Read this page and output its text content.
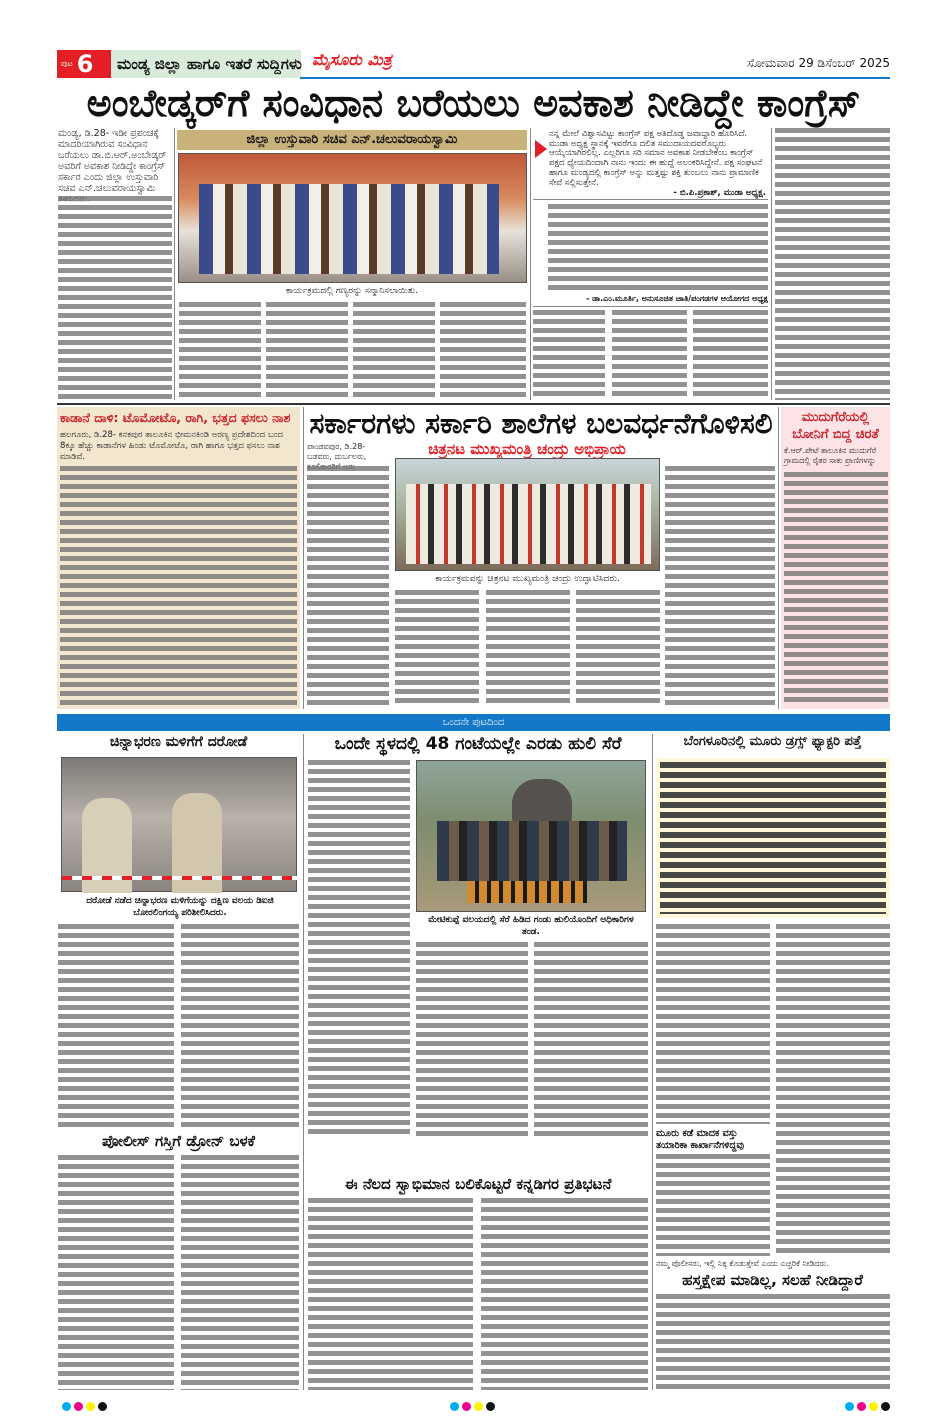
ಪುಟ 6	ಮಂಡ್ಯ ಜಿಲ್ಲಾ ಹಾಗೂ ಇತರೆ ಸುದ್ದಿಗಳು ಮೈಸೂರು ಮಿತ್ರ	ಸೋಮವಾರ 29 ಡಿಸೆಂಬರ್ 2025
ಅಂಬೇಡ್ಕರ್‌ಗೆ ಸಂವಿಧಾನ ಬರೆಯಲು ಅವಕಾಶ ನೀಡಿದ್ದೇ ಕಾಂಗ್ರೆಸ್
ಮಂಡ್ಯ, ಡಿ.28- ಇಡೀ ಪ್ರಪಂಚಕ್ಕೆ ಮಾದರಿಯಾಗಿರುವ ಸಂವಿಧಾನ ಬರೆಯಲು ಡಾ.ಬಿ.ಆರ್.ಅಂಬೇಡ್ಕರ್ ಅವರಿಗೆ ಅವಕಾಶ ನೀಡಿದ್ದೇ ಕಾಂಗ್ರೆಸ್ ಸರ್ಕಾರ ಎಂದು ಜಿಲ್ಲಾ ಉಸ್ತುವಾರಿ ಸಚಿವ ಎನ್.ಚಲುವರಾಯಸ್ವಾಮಿ
ಜಿಲ್ಲಾ ಉಸ್ತುವಾರಿ ಸಚಿವ ಎನ್.ಚಲುವರಾಯಸ್ವಾಮಿ
ಕಾರ್ಯಕ್ರಮದಲ್ಲಿ ಗಣ್ಯರನ್ನು ಸನ್ಮಾನಿಸಲಾಯಿತು.
ನನ್ನ ಮೇಲೆ ವಿಶ್ವಾಸವಿಟ್ಟು ಕಾಂಗ್ರೆಸ್ ಪಕ್ಷ ಅತಿದೊಡ್ಡ ಜವಾಬ್ದಾರಿ ಹೊರಿಸಿದೆ. ಮುಡಾ ಅಧ್ಯಕ್ಷ ಸ್ಥಾನಕ್ಕೆ ಇವರೆಗೂ ದಲಿತ ಸಮುದಾಯದವರೊಬ್ಬರು ಆಯ್ಕೆಯಾಗಿರಲಿಲ್ಲ. ಎಲ್ಲರಿಗೂ ಸರಿ ಸಮಾನ ಅವಕಾಶ ನೀಡಬೇಕೆಂಬ ಕಾಂಗ್ರೆಸ್ ಪಕ್ಷದ ಧ್ಯೇಯದಿಂದಾಗಿ ನಾನು ಇಂದು ಈ ಹುದ್ದೆ ಅಲಂಕರಿಸಿದ್ದೇನೆ. ಪಕ್ಷ ಸಂಘಟನೆ ಹಾಗೂ ಮಂಡ್ಯದಲ್ಲಿ ಕಾಂಗ್ರೆಸ್ ಅನ್ನು ಮತ್ತಷ್ಟು ಶಕ್ತಿ ತುಂಬಲು ನಾನು ಪ್ರಾಮಾಣಿಕ ಸೇವೆ ಸಲ್ಲಿಸುತ್ತೇನೆ.
- ಬಿ.ಪಿ.ಪ್ರಕಾಶ್, ಮುಡಾ ಅಧ್ಯಕ್ಷ.
- ಡಾ.ಎಂ.ಮೂರ್ತಿ, ಅನುಸೂಚಿತ ಜಾತಿ/ಪಂಗಡಗಳ ಆಯೋಗದ ಅಧ್ಯಕ್ಷ
ಕಾಡಾನೆ ದಾಳಿ: ಟೊಮೋಟೊ, ರಾಗಿ, ಭತ್ತದ ಫಸಲು ನಾಶ
ಹಲಗೂರು, ಡಿ.28- ಕನಕಪುರ ತಾಲೂಕಿನ ಭೀಮನಕಿಂಡಿ ಅರಣ್ಯ ಪ್ರದೇಶದಿಂದ ಬಂದ 8ಕ್ಕೂ ಹೆಚ್ಚು ಕಾಡಾನೆಗಳ ಹಿಂಡು ಟೊಮೋಟೊ, ರಾಗಿ ಹಾಗೂ ಭತ್ತದ ಫಸಲು ನಾಶ ಮಾಡಿವೆ.
ಸರ್ಕಾರಗಳು ಸರ್ಕಾರಿ ಶಾಲೆಗಳ ಬಲವರ್ಧನೆಗೊಳಿಸಲಿ
ಪಾಂಡವಪುರ, ಡಿ.28- ಬಡವರು, ದುರ್ಬಲರು,	ಚಿತ್ರನಟ ಮುಖ್ಯಮಂತ್ರಿ ಚಂದ್ರು ಅಭಿಪ್ರಾಯ
ಕಾರ್ಯಕ್ರಮವನ್ನು ಚಿತ್ರನಟ ಮುಖ್ಯಮಂತ್ರಿ ಚಂದ್ರು ಉದ್ಘಾಟಿಸಿದರು.
ಮುದುಗೆರೆಯಲ್ಲಿ ಬೋನಿಗೆ ಬಿದ್ದ ಚಿರತೆ
ಕೆ.ಆರ್.ಪೇಟೆ ತಾಲೂಕಿನ ಮುದುಗೆರೆ ಗ್ರಾಮದಲ್ಲಿ ರೈತರ ಸಾಕು ಪ್ರಾಣಿಗಳನ್ನು
ಒಂದನೇ ಪುಟದಿಂದ
ಚಿನ್ನಾಭರಣ ಮಳಿಗೆಗೆ ದರೋಡೆ
ದರೋಡೆ ನಡೆದ ಚಿನ್ನಾಭರಣ ಮಳಿಗೆಯನ್ನು ದಕ್ಷಿಣ ವಲಯ ಡಿಐಜಿ ಬೋರಲಿಂಗಯ್ಯ ಪರಿಶೀಲಿಸಿದರು.
ಪೋಲೀಸ್ ಗಸ್ತಿಗೆ ಡ್ರೋನ್ ಬಳಕೆ
ಒಂದೇ ಸ್ಥಳದಲ್ಲಿ 48 ಗಂಟೆಯಲ್ಲೇ ಎರಡು ಹುಲಿ ಸೆರೆ
ಮೇಟಿಕುಪ್ಪೆ ವಲಯದಲ್ಲಿ ಸೆರೆ ಹಿಡಿದ ಗಂಡು ಹುಲಿಯೊಂದಿಗೆ ಅಧಿಕಾರಿಗಳ ತಂಡ.
ಈ ನೆಲದ ಸ್ವಾಭಿಮಾನ ಬಲಿಕೊಟ್ಟರೆ ಕನ್ನಡಿಗರ ಪ್ರತಿಭಟನೆ
ಬೆಂಗಳೂರಿನಲ್ಲಿ ಮೂರು ಡ್ರಗ್ಸ್ ಫ್ಯಾಕ್ಟರಿ ಪತ್ತೆ
ಮೂರು ಕಡೆ ಮಾದಕ ವಸ್ತು ತಯಾರಿಕಾ ಕಾರ್ಖಾನೆಗಳಿದ್ದವು
ನಮ್ಮ ಪೊಲೀಸರು, ಇಲ್ಲಿ ನಿಕ್ಕ ಕೊಡುತ್ತೇವೆ ಎಂದು ಎಚ್ಚರಿಕೆ ನೀಡಿದರು.
ಹಸ್ತಕ್ಷೇಪ ಮಾಡಿಲ್ಲ, ಸಲಹೆ ನೀಡಿದ್ದಾರೆ
